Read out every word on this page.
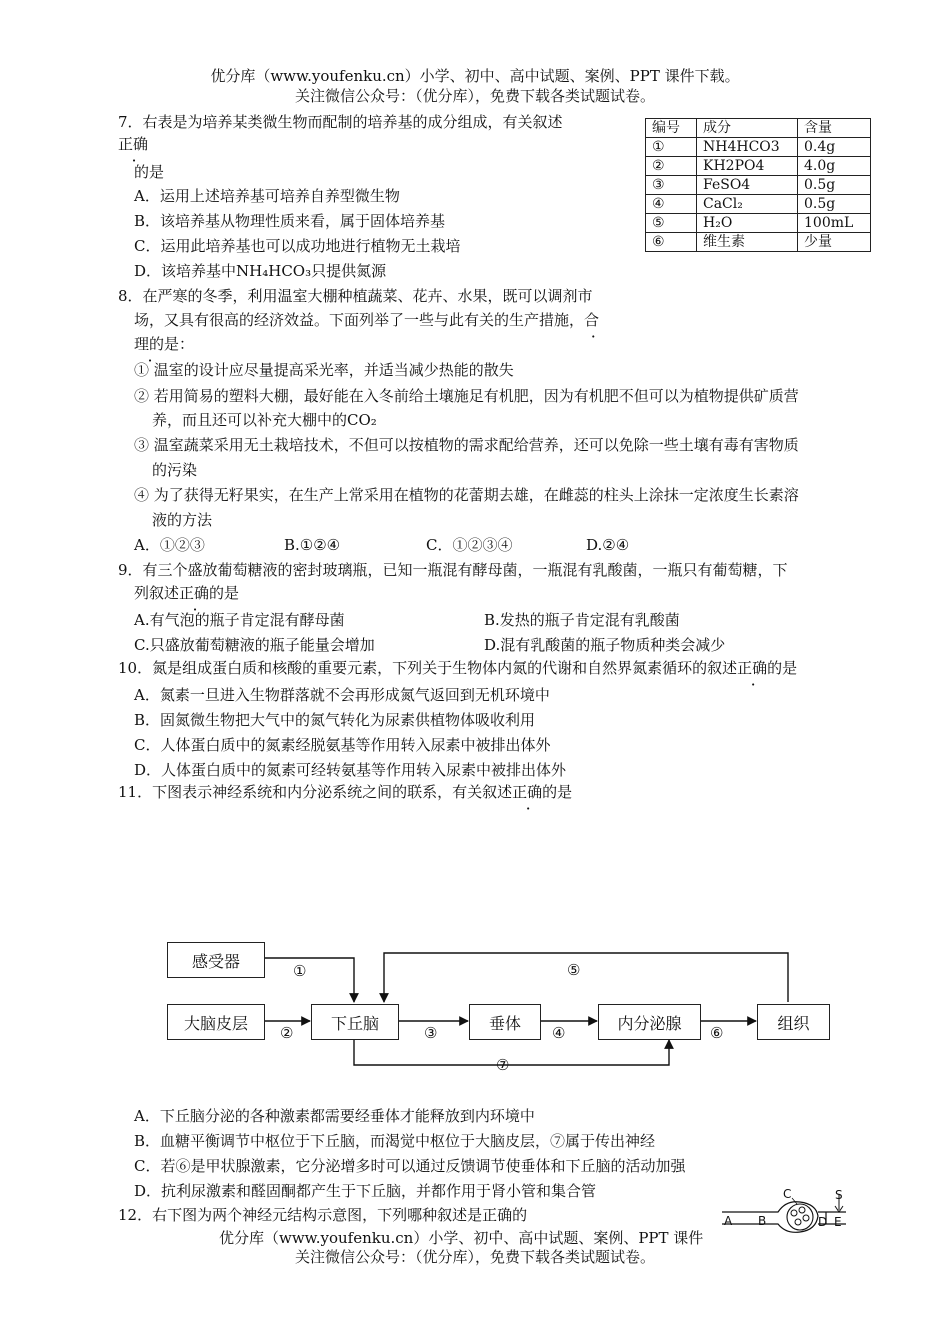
优分库（www.youfenku.cn）小学、初中、高中试题、案例、PPT 课件下载。
关注微信公众号：（优分库），免费下载各类试题试卷。
7．右表是为培养某类微生物而配制的培养基的成分组成，有关叙述
正确
的是
A．运用上述培养基可培养自养型微生物
B．该培养基从物理性质来看，属于固体培养基
C．运用此培养基也可以成功地进行植物无土栽培
D．该培养基中NH₄HCO₃只提供氮源
编号	成分	含量
①	NH4HCO3	0.4g
②	KH2PO4	4.0g
③	FeSO4	0.5g
④	CaCl₂	0.5g
⑤	H₂O	100mL
⑥	维生素	少量
8．在严寒的冬季，利用温室大棚种植蔬菜、花卉、水果，既可以调剂市
场，又具有很高的经济效益。下面列举了一些与此有关的生产措施，合
理的是：
① 温室的设计应尽量提高采光率，并适当减少热能的散失
② 若用简易的塑料大棚，最好能在入冬前给土壤施足有机肥，因为有机肥不但可以为植物提供矿质营
养，而且还可以补充大棚中的CO₂
③ 温室蔬菜采用无土栽培技术，不但可以按植物的需求配给营养，还可以免除一些土壤有毒有害物质
的污染
④ 为了获得无籽果实，在生产上常采用在植物的花蕾期去雄，在雌蕊的柱头上涂抹一定浓度生长素溶
液的方法
A．①②③	B.①②④	C．①②③④	D.②④
9．有三个盛放葡萄糖液的密封玻璃瓶，已知一瓶混有酵母菌，一瓶混有乳酸菌，一瓶只有葡萄糖，下
列叙述正确的是
A.有气泡的瓶子肯定混有酵母菌	B.发热的瓶子肯定混有乳酸菌
C.只盛放葡萄糖液的瓶子能量会增加	D.混有乳酸菌的瓶子物质种类会减少
10．氮是组成蛋白质和核酸的重要元素，下列关于生物体内氮的代谢和自然界氮素循环的叙述正确的是
A．氮素一旦进入生物群落就不会再形成氮气返回到无机环境中
B．固氮微生物把大气中的氮气转化为尿素供植物体吸收利用
C．人体蛋白质中的氮素经脱氨基等作用转入尿素中被排出体外
D．人体蛋白质中的氮素可经转氨基等作用转入尿素中被排出体外
11．下图表示神经系统和内分泌系统之间的联系，有关叙述正确的是
感受器
大脑皮层	下丘脑	垂体	内分泌腺	组织
①
②	③	④
⑤
⑥
⑦
A．下丘脑分泌的各种激素都需要经垂体才能释放到内环境中
B．血糖平衡调节中枢位于下丘脑，而渴觉中枢位于大脑皮层，⑦属于传出神经
C．若⑥是甲状腺激素，它分泌增多时可以通过反馈调节使垂体和下丘脑的活动加强
D．抗利尿激素和醛固酮都产生于下丘脑，并都作用于肾小管和集合管
12．右下图为两个神经元结构示意图，下列哪种叙述是正确的	A B
C
D E
S
优分库（www.youfenku.cn）小学、初中、高中试题、案例、PPT 课件
关注微信公众号：（优分库），免费下载各类试题试卷。
